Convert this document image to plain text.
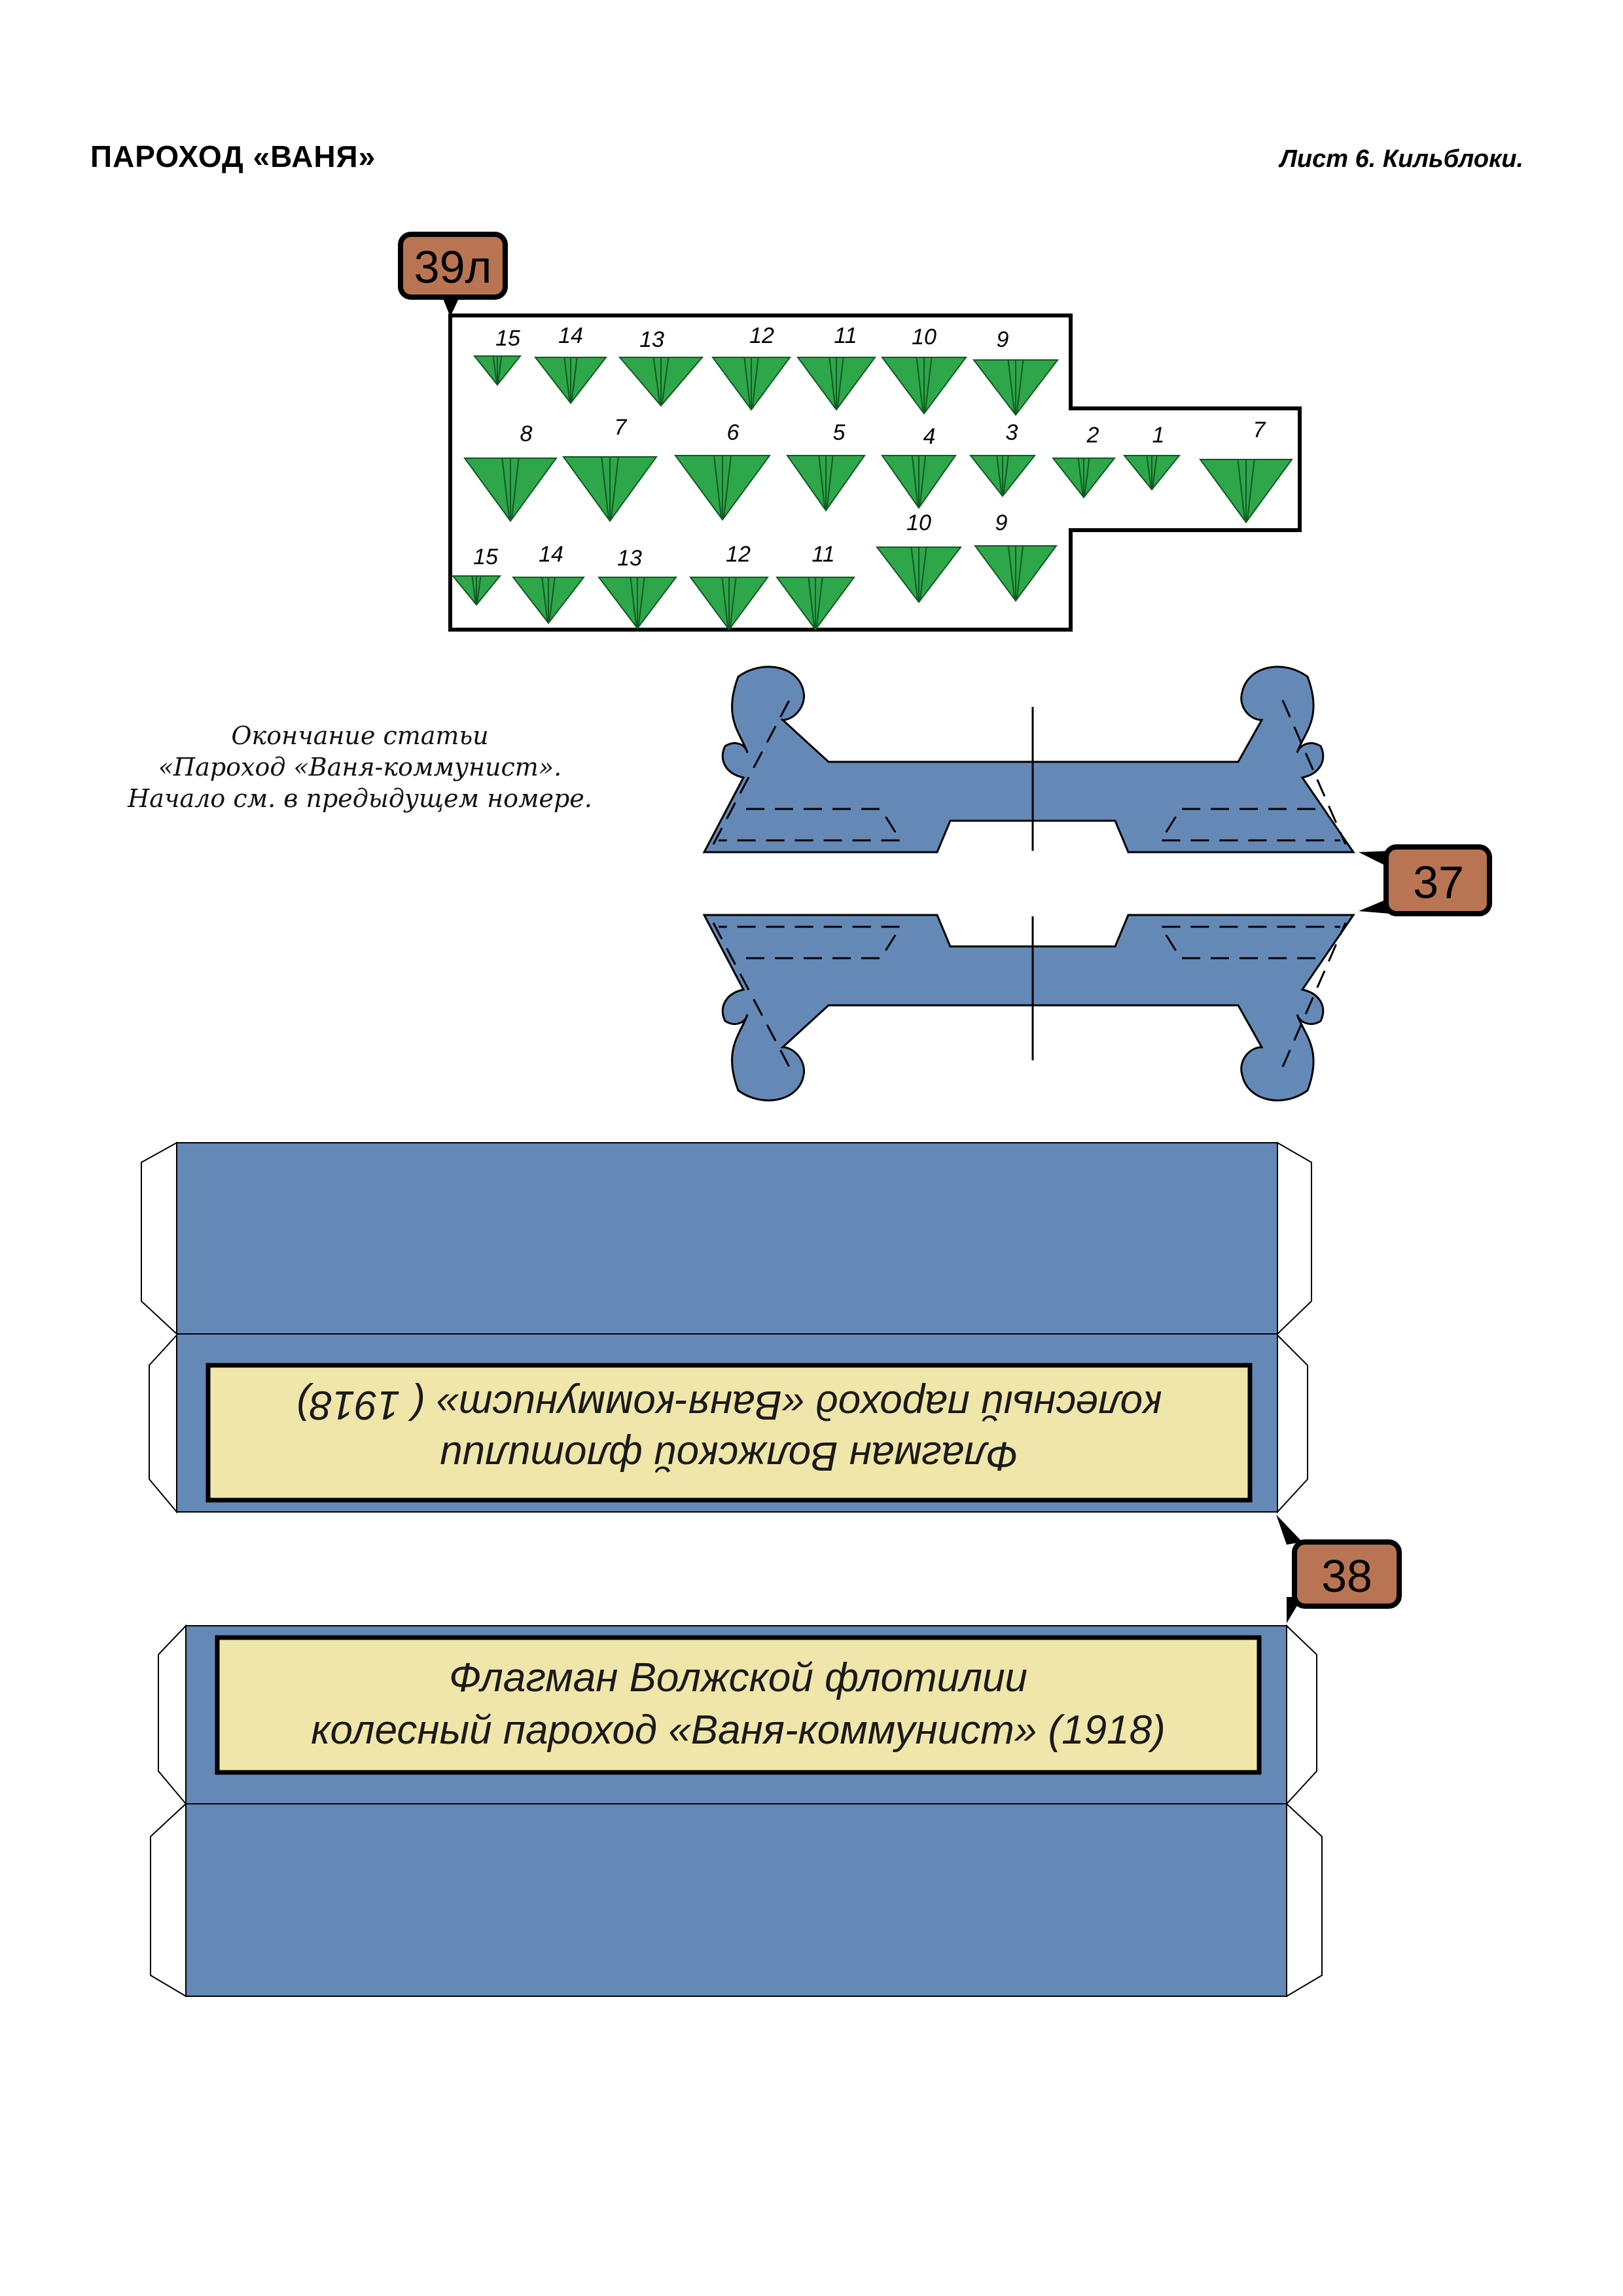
ПАРОХОД «ВАНЯ»	Лист 6. Кильблоки.
Окончание статьи
«Пароход «Ваня-коммунист».
Начало см. в предыдущем номере.
39л
15 14	13	12	11 10	9
8	7	6	5	4	3	2 1	7
10	9
15 14 13	12	11
37
Флагман Волжской флотилии
колесный пароход «Ваня-коммунист» ( 1918)
38
Флагман Волжской флотилии
колесный пароход «Ваня-коммунист» (1918)
